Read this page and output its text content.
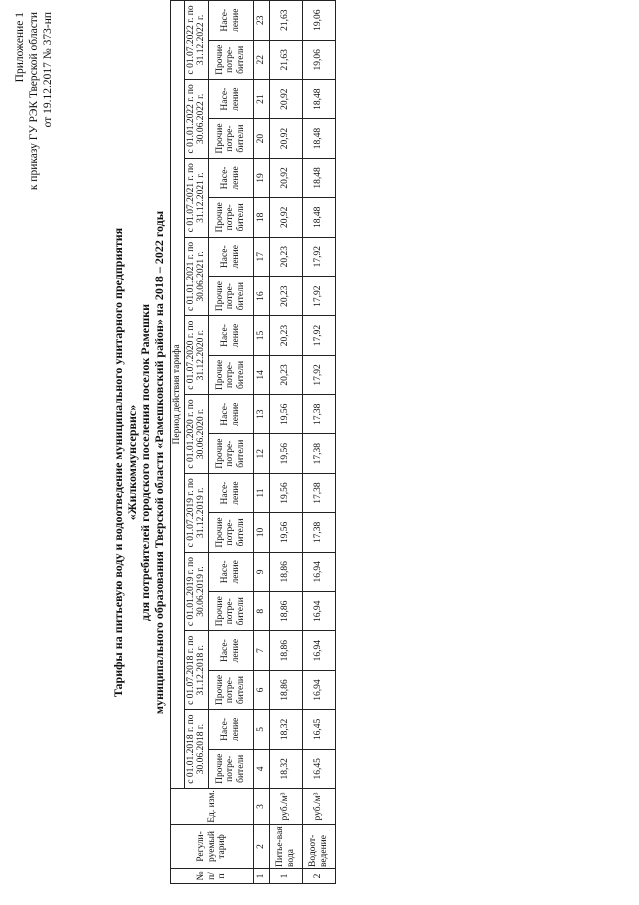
Приложение 1 к приказу ГУ РЭК Тверской области от 19.12.2017 № 373-нп
Тарифы на питьевую воду и водоотведение муниципального унитарного предприятия «Жилкоммунсервис» для потребителей городского поселения поселок Рамешки муниципального образования Тверской области «Рамешковский район» на 2018 – 2022 годы
№ п/п	Регули-руемый тариф	Ед. изм.	Период действия тарифа																			
			с 01.01.2018 г. по 30.06.2018 г.		с 01.07.2018 г. по 31.12.2018 г.		с 01.01.2019 г. по 30.06.2019 г.		с 01.07.2019 г. по 31.12.2019 г.		с 01.01.2020 г. по 30.06.2020 г.		с 01.07.2020 г. по 31.12.2020 г.		с 01.01.2021 г. по 30.06.2021 г.		с 01.07.2021 г. по 31.12.2021 г.		с 01.01.2022 г. по 30.06.2022 г.		с 01.07.2022 г. по 31.12.2022 г.	
			Прочие потре-бители	Насе-ление	Прочие потре-бители	Насе-ление	Прочие потре-бители	Насе-ление	Прочие потре-бители	Насе-ление	Прочие потре-бители	Насе-ление	Прочие потре-бители	Насе-ление	Прочие потре-бители	Насе-ление	Прочие потре-бители	Насе-ление	Прочие потре-бители	Насе-ление	Прочие потре-бители	Насе-ление
1	2	3	4	5	6	7	8	9	10	11	12	13	14	15	16	17	18	19	20	21	22	23
1	Питье-вая вода	руб./м³	18,32	18,32	18,86	18,86	18,86	18,86	19,56	19,56	19,56	19,56	20,23	20,23	20,23	20,23	20,92	20,92	20,92	20,92	21,63	21,63
2	Водоот-ведение	руб./м³	16,45	16,45	16,94	16,94	16,94	16,94	17,38	17,38	17,38	17,38	17,92	17,92	17,92	17,92	18,48	18,48	18,48	18,48	19,06	19,06
